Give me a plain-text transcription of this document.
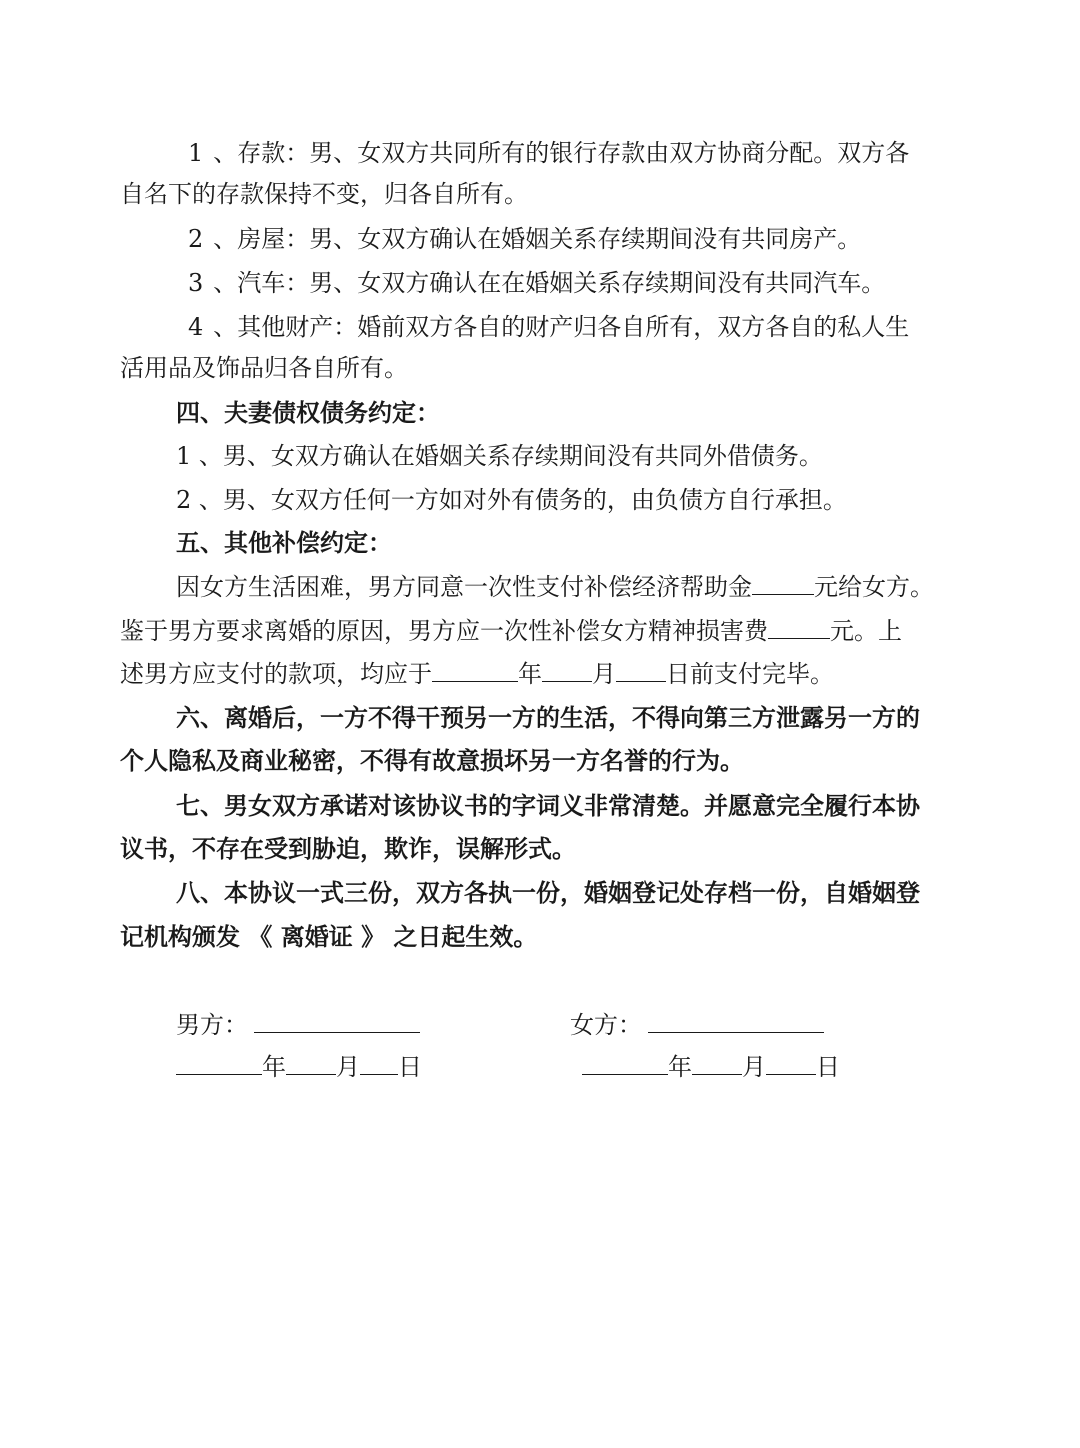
1 、存款：男、女双方共同所有的银行存款由双方协商分配。双方各
自名下的存款保持不变，归各自所有。
2 、房屋：男、女双方确认在婚姻关系存续期间没有共同房产。
3 、汽车：男、女双方确认在在婚姻关系存续期间没有共同汽车。
4 、其他财产：婚前双方各自的财产归各自所有，双方各自的私人生
活用品及饰品归各自所有。
四、夫妻债权债务约定：
1 、男、女双方确认在婚姻关系存续期间没有共同外借债务。
2 、男、女双方任何一方如对外有债务的，由负债方自行承担。
五、其他补偿约定：
因女方生活困难，男方同意一次性支付补偿经济帮助金	元给女方。
鉴于男方要求离婚的原因，男方应一次性补偿女方精神损害费	元。上
述男方应支付的款项，均应于	年 月 日前支付完毕。
六、离婚后，一方不得干预另一方的生活，不得向第三方泄露另一方的
个人隐私及商业秘密，不得有故意损坏另一方名誉的行为。
七、男女双方承诺对该协议书的字词义非常清楚。并愿意完全履行本协
议书，不存在受到胁迫，欺诈，误解形式。
八、本协议一式三份，双方各执一份，婚姻登记处存档一份，自婚姻登
记机构颁发 《 离婚证 》 之日起生效。
男方：	女方：
年 月 日	年 月 日
